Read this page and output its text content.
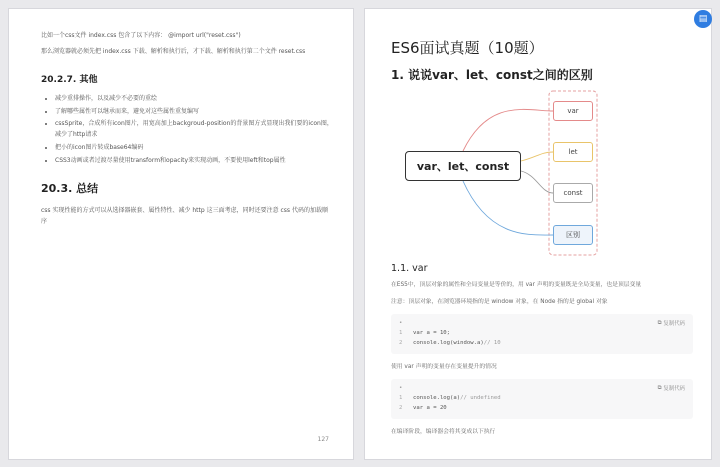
比如一个css文件 index.css 包含了以下内容： @import url("reset.css")

那么浏览器就必须先把 index.css 下载、解析和执行后，才下载、解析和执行第二个文件 reset.css

20.2.7. 其他
• 减少重排操作，以及减少不必要的重绘
• 了解哪些属性可以继承而来，避免对这些属性重复编写
• cssSprite，合成所有icon图片，用宽高加上backgroud-position的背景图方式显现出我们要的icon图，减少了http请求
• 把小的icon图片转成base64编码
• CSS3动画或者过渡尽量使用transform和opacity来实现动画，不要使用left和top属性
20.3. 总结

css 实现性能的方式可以从选择器嵌套、属性特性、减少 http 这三面考虑，同时还要注意 css 代码的加载顺序

127
ES6面试真题（10题）
1. 说说var、let、const之间的区别
var、let、const
var
let
const
区别
1.1. var

在ES5中，顶层对象的属性和全局变量是等价的，用 var 声明的变量既是全局变量，也是顶层变量

注意：顶层对象，在浏览器环境指的是 window 对象，在 Node 指的是 global 对象

•	⧉ 复制代码
1	var a = 10;
2	console.log(window.a) // 10

使用 var 声明的变量存在变量提升的情况

•	⧉ 复制代码
1	console.log(a) // undefined
2	var a = 20

在编译阶段，编译器会将其变成以下执行

▤
